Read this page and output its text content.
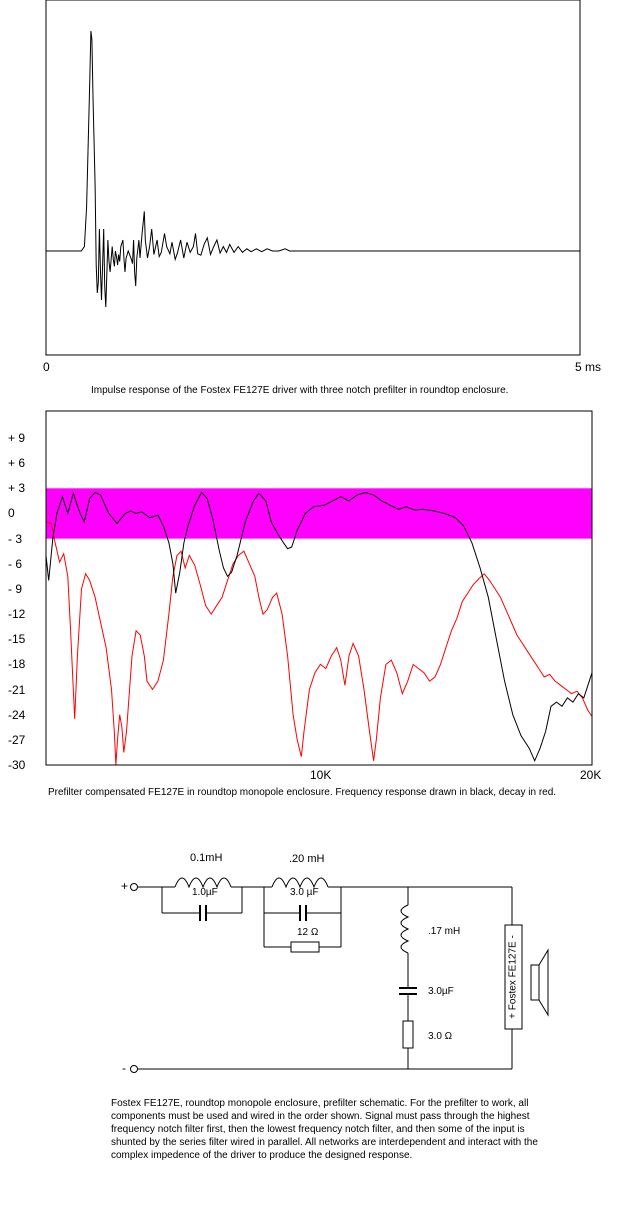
0	5 ms
Impulse response of the Fostex FE127E driver with three notch prefilter in roundtop enclosure.
+ 9
+ 6
+ 3
0
- 3
- 6
- 9
-12
-15
-18
-21
-24
-27
-30
10K	20K
Prefilter compensated FE127E in roundtop monopole enclosure. Frequency response drawn in black, decay in red.
+
-
0.1mH
1.0µF
.20 mH
3.0 µF
12 Ω	.17 mH
3.0µF
3.0 Ω
+ Fostex FE127E -
Fostex FE127E, roundtop monopole enclosure, prefilter schematic. For the prefilter to work, all components must be used and wired in the order shown. Signal must pass through the highest frequency notch filter first, then the lowest frequency notch filter, and then some of the input is shunted by the series filter wired in parallel. All networks are interdependent and interact with the complex impedence of the driver to produce the designed response.
